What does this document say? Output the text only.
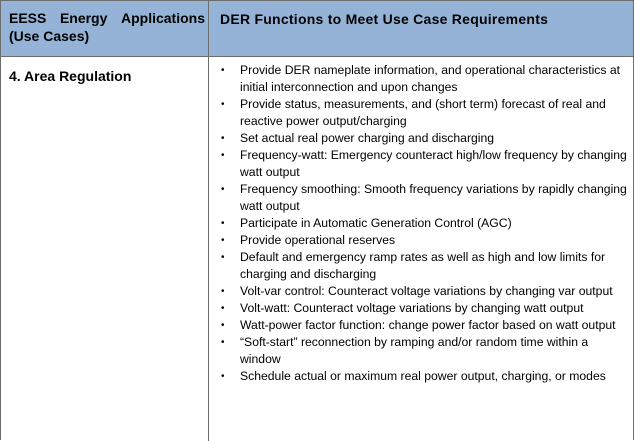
EESS Energy Applications
(Use Cases)
DER Functions to Meet Use Case Requirements
4. Area Regulation	• Provide DER nameplate information, and operational characteristics at initial interconnection and upon changes
• Provide status, measurements, and (short term) forecast of real and reactive power output/charging
• Set actual real power charging and discharging
• Frequency-watt: Emergency counteract high/low frequency by changing watt output
• Frequency smoothing: Smooth frequency variations by rapidly changing watt output
• Participate in Automatic Generation Control (AGC)
• Provide operational reserves
• Default and emergency ramp rates as well as high and low limits for charging and discharging
• Volt-var control: Counteract voltage variations by changing var output
• Volt-watt: Counteract voltage variations by changing watt output
• Watt-power factor function: change power factor based on watt output
• “Soft-start” reconnection by ramping and/or random time within a window
• Schedule actual or maximum real power output, charging, or modes
